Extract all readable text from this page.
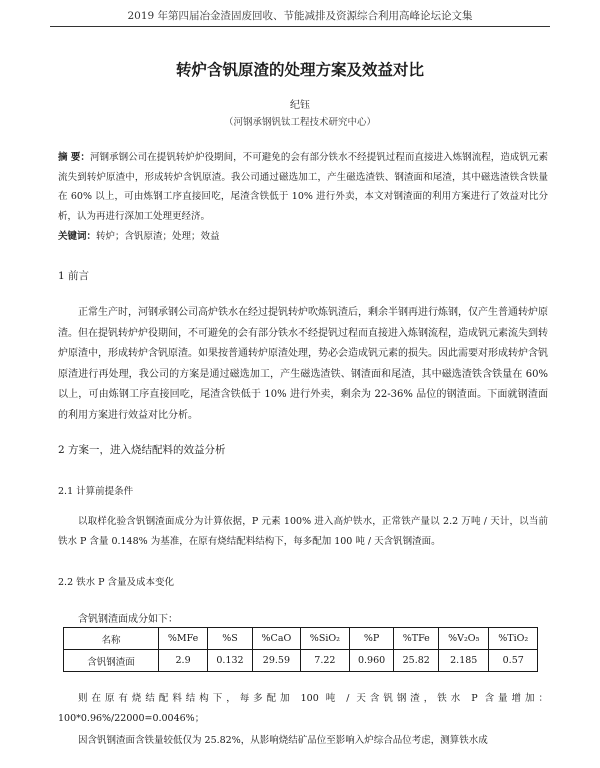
2019 年第四届冶金渣固废回收、节能减排及资源综合利用高峰论坛论文集
转炉含钒原渣的处理方案及效益对比
纪钰
（河钢承钢钒钛工程技术研究中心）
摘 要：河钢承钢公司在提钒转炉炉役期间，不可避免的会有部分铁水不经提钒过程而直接进入炼钢流程，造成钒元素流失到转炉原渣中，形成转炉含钒原渣。我公司通过磁选加工，产生磁选渣铁、钢渣面和尾渣，其中磁选渣铁含铁量在 60% 以上，可由炼钢工序直接回吃，尾渣含铁低于 10% 进行外卖，本文对钢渣面的利用方案进行了效益对比分析，认为再进行深加工处理更经济。
关键词：转炉；含钒原渣；处理；效益
1 前言
正常生产时，河钢承钢公司高炉铁水在经过提钒转炉吹炼钒渣后，剩余半钢再进行炼钢，仅产生普通转炉原渣。但在提钒转炉炉役期间，不可避免的会有部分铁水不经提钒过程而直接进入炼钢流程，造成钒元素流失到转炉原渣中，形成转炉含钒原渣。如果按普通转炉原渣处理，势必会造成钒元素的损失。因此需要对形成转炉含钒原渣进行再处理，我公司的方案是通过磁选加工，产生磁选渣铁、钢渣面和尾渣，其中磁选渣铁含铁量在 60% 以上，可由炼钢工序直接回吃，尾渣含铁低于 10% 进行外卖，剩余为 22-36% 品位的钢渣面。下面就钢渣面的利用方案进行效益对比分析。
2 方案一，进入烧结配料的效益分析
2.1 计算前提条件
以取样化验含钒钢渣面成分为计算依据，P 元素 100% 进入高炉铁水，正常铁产量以 2.2 万吨 / 天计，以当前铁水 P 含量 0.148% 为基准，在原有烧结配料结构下，每多配加 100 吨 / 天含钒钢渣面。
2.2 铁水 P 含量及成本变化
含钒钢渣面成分如下：
名称	%MFe	%S	%CaO	%SiO₂	%P	%TFe	%V₂O₅	%TiO₂
含钒钢渣面	2.9	0.132	29.59	7.22	0.960	25.82	2.185	0.57
则在原有烧结配料结构下，每多配加 100 吨 / 天含钒钢渣，铁水 P 含量增加：100*0.96%/22000=0.0046%；
因含钒钢渣面含铁量较低仅为 25.82%，从影响烧结矿品位至影响入炉综合品位考虑，测算铁水成
